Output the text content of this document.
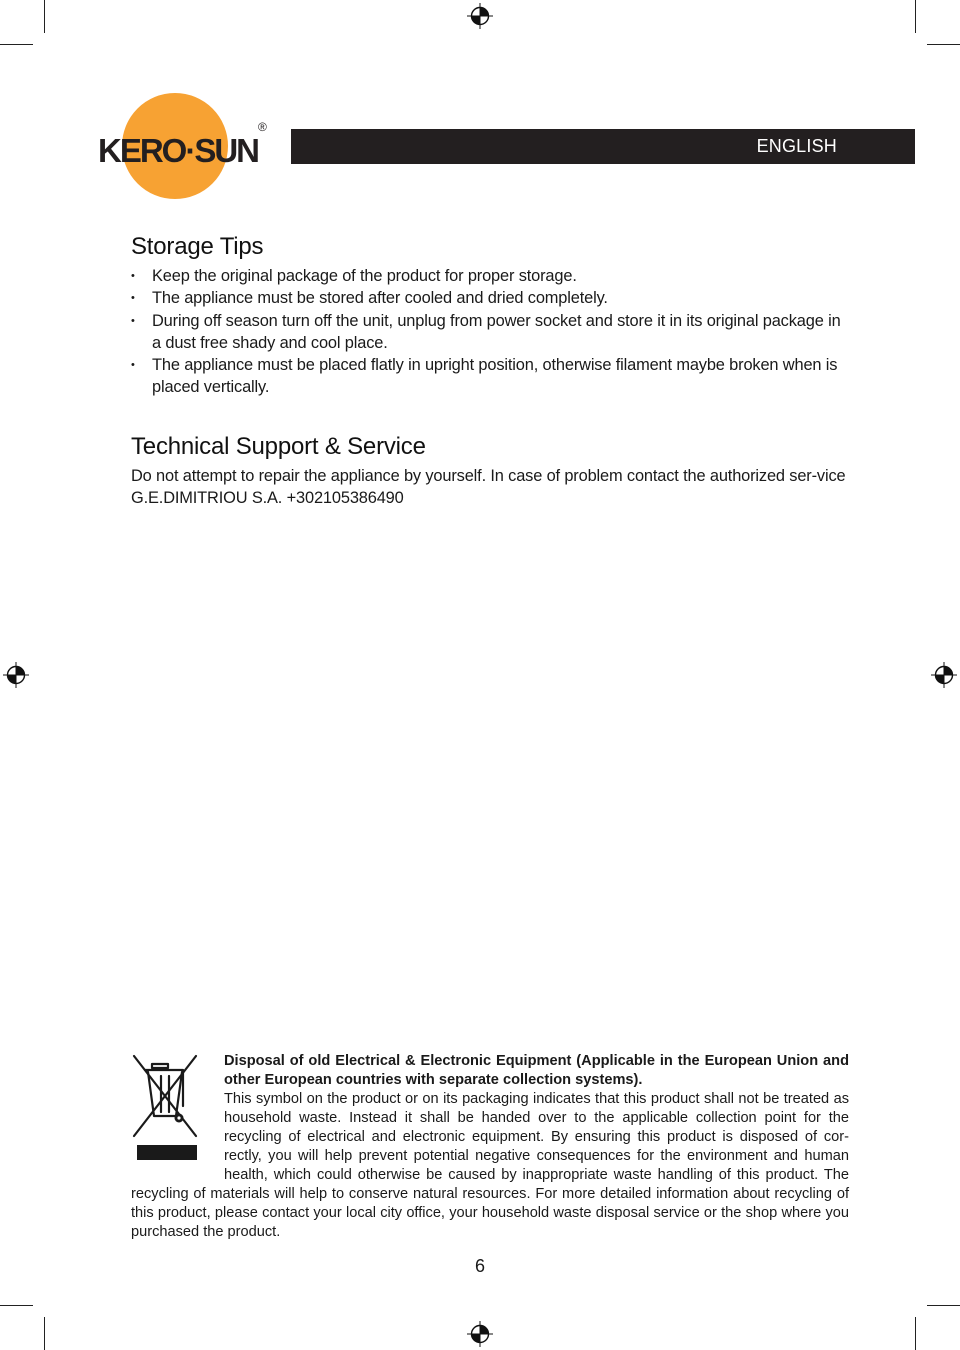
KERO·SUN
®
ENGLISH
Storage Tips
• Keep the original package of the product for proper storage.
• The appliance must be stored after cooled and dried completely.
• During off season turn off the unit, unplug from power socket and store it in its original package in a dust free shady and cool place.
• The appliance must be placed flatly in upright position, otherwise filament maybe broken when is placed vertically.
Technical Support & Service

Do not attempt to repair the appliance by yourself. In case of problem contact the authorized ser-vice G.E.DIMITRIOU S.A. +302105386490

Disposal of old Electrical & Electronic Equipment (Applicable in the European Union and other European countries with separate collection systems).
This symbol on the product or on its packaging indicates that this product shall not be treated as household waste. Instead it shall be handed over to the applicable collection point for the recycling of electrical and electronic equipment. By ensuring this product is disposed of cor-rectly, you will help prevent potential negative consequences for the environment and human health, which could otherwise be caused by inappropriate waste handling of this product. The recycling of materials will help to conserve natural resources. For more detailed information about recycling of this product, please contact your local city office, your household waste disposal service or the shop where you purchased the product.
6
